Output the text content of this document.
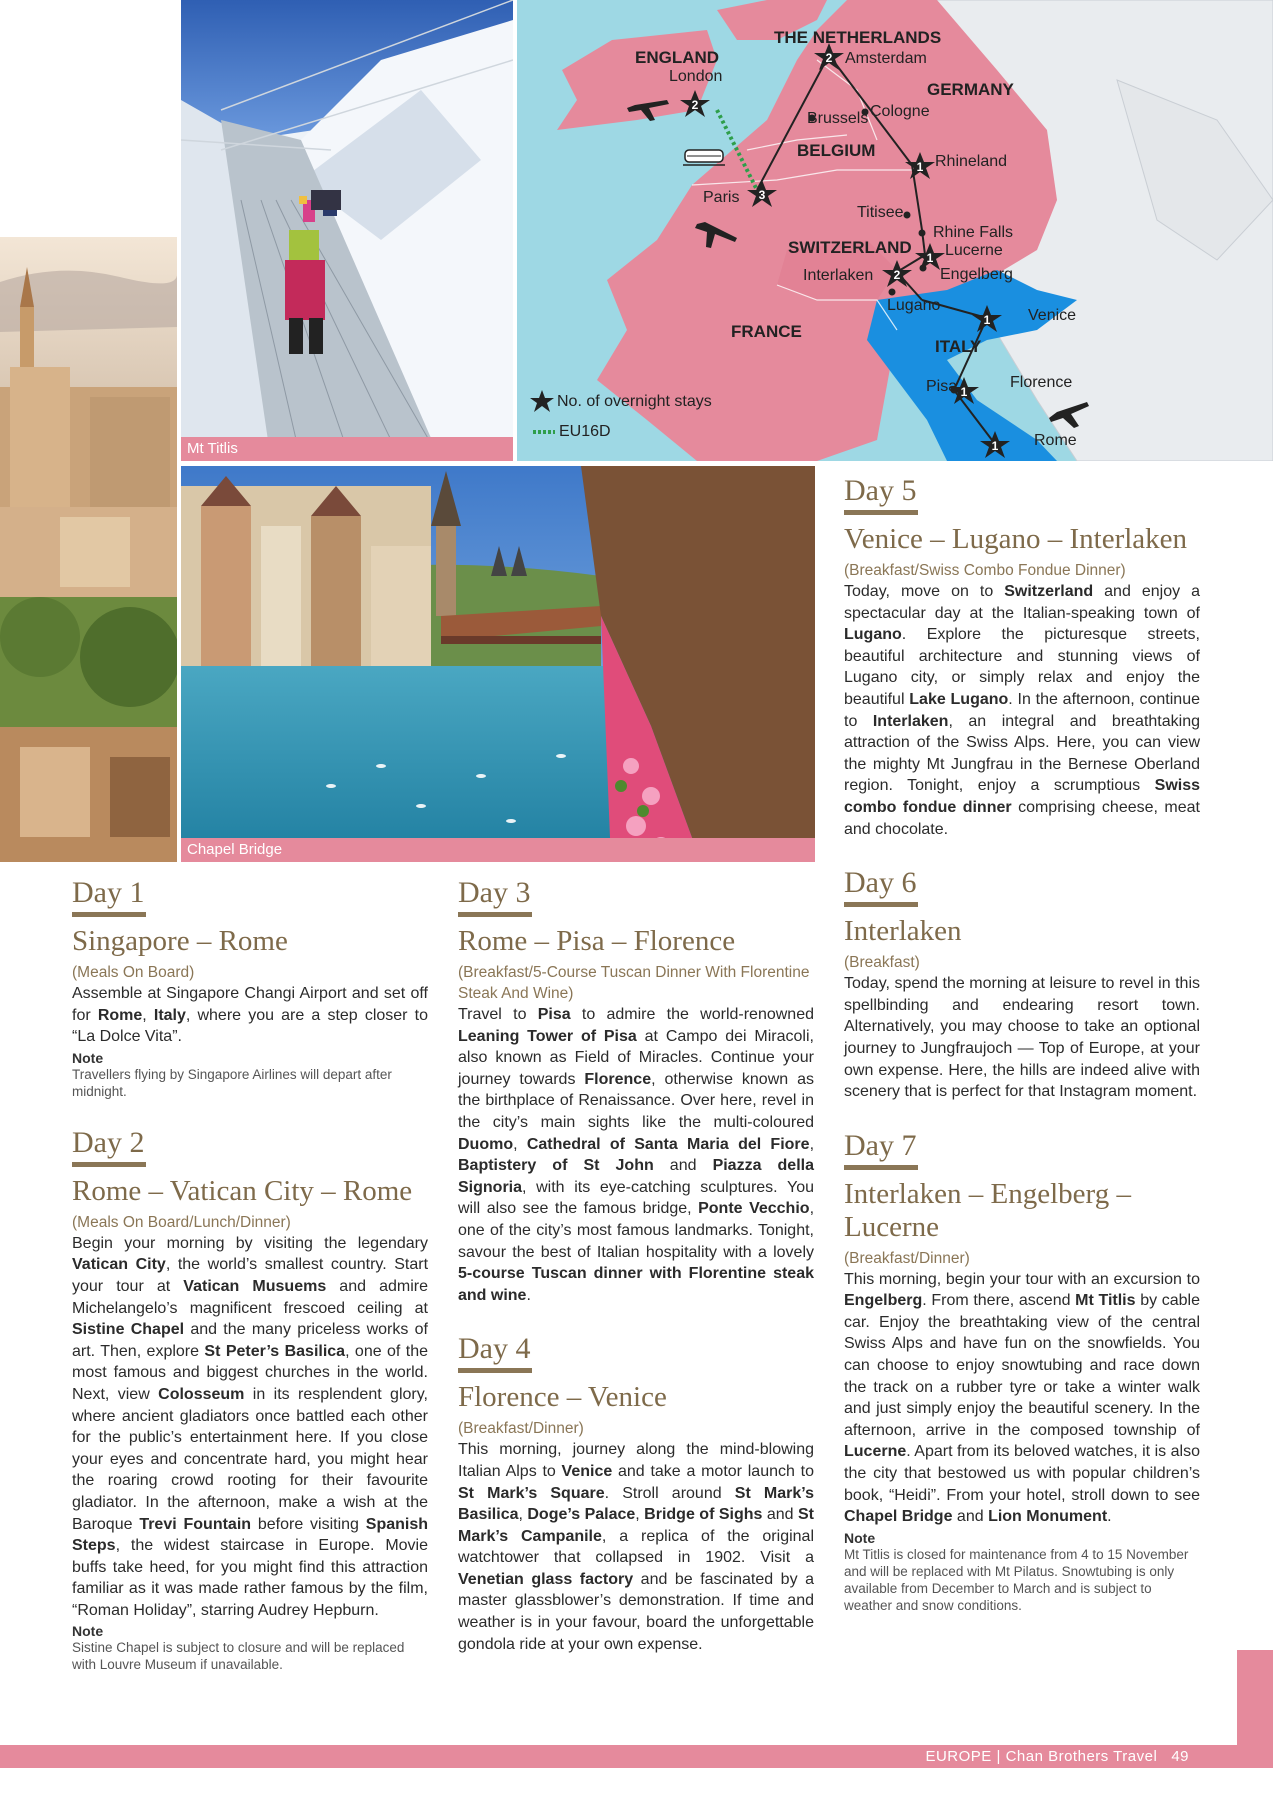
Mt Titlis
2
2
3
1
1
2
1
1
1
ENGLAND
THE NETHERLANDS
GERMANY
BELGIUM
SWITZERLAND
FRANCE
ITALY
London
Amsterdam
Brussels Cologne
Rhineland
Paris
Titisee
Rhine Falls
Lucerne
Interlaken	Engelberg
Lugano
Venice
Pisa	Florence
Rome
No. of overnight stays
EU16D
Chapel Bridge
Day 1
Singapore – Rome
(Meals On Board)

Assemble at Singapore Changi Airport and set off for Rome, Italy, where you are a step closer to “La Dolce Vita”.

Note
Travellers flying by Singapore Airlines will depart after midnight.
Day 2
Rome – Vatican City – Rome
(Meals On Board/Lunch/Dinner)

Begin your morning by visiting the legendary Vatican City, the world’s smallest country. Start your tour at Vatican Musuems and admire Michelangelo’s magnificent frescoed ceiling at Sistine Chapel and the many priceless works of art. Then, explore St Peter’s Basilica, one of the most famous and biggest churches in the world. Next, view Colosseum in its resplendent glory, where ancient gladiators once battled each other for the public’s entertainment here. If you close your eyes and concentrate hard, you might hear the roaring crowd rooting for their favourite gladiator. In the afternoon, make a wish at the Baroque Trevi Fountain before visiting Spanish Steps, the widest staircase in Europe. Movie buffs take heed, for you might find this attraction familiar as it was made rather famous by the film, “Roman Holiday”, starring Audrey Hepburn.

Note
Sistine Chapel is subject to closure and will be replaced with Louvre Museum if unavailable.
Day 3
Rome – Pisa – Florence
(Breakfast/5-Course Tuscan Dinner With Florentine Steak And Wine)

Travel to Pisa to admire the world-renowned Leaning Tower of Pisa at Campo dei Miracoli, also known as Field of Miracles. Continue your journey towards Florence, otherwise known as the birthplace of Renaissance. Over here, revel in the city’s main sights like the multi-coloured Duomo, Cathedral of Santa Maria del Fiore, Baptistery of St John and Piazza della Signoria, with its eye-catching sculptures. You will also see the famous bridge, Ponte Vecchio, one of the city’s most famous landmarks. Tonight, savour the best of Italian hospitality with a lovely 5-course Tuscan dinner with Florentine steak and wine.

Day 4
Florence – Venice
(Breakfast/Dinner)

This morning, journey along the mind-blowing Italian Alps to Venice and take a motor launch to St Mark’s Square. Stroll around St Mark’s Basilica, Doge’s Palace, Bridge of Sighs and St Mark’s Campanile, a replica of the original watchtower that collapsed in 1902. Visit a Venetian glass factory and be fascinated by a master glassblower’s demonstration. If time and weather is in your favour, board the unforgettable gondola ride at your own expense.

Day 5
Venice – Lugano – Interlaken
(Breakfast/Swiss Combo Fondue Dinner)

Today, move on to Switzerland and enjoy a spectacular day at the Italian-speaking town of Lugano. Explore the picturesque streets, beautiful architecture and stunning views of Lugano city, or simply relax and enjoy the beautiful Lake Lugano. In the afternoon, continue to Interlaken, an integral and breathtaking attraction of the Swiss Alps. Here, you can view the mighty Mt Jungfrau in the Bernese Oberland region. Tonight, enjoy a scrumptious Swiss combo fondue dinner comprising cheese, meat and chocolate.

Day 6
Interlaken
(Breakfast)

Today, spend the morning at leisure to revel in this spellbinding and endearing resort town. Alternatively, you may choose to take an optional journey to Jungfraujoch — Top of Europe, at your own expense. Here, the hills are indeed alive with scenery that is perfect for that Instagram moment.

Day 7
Interlaken – Engelberg – Lucerne
(Breakfast/Dinner)

This morning, begin your tour with an excursion to Engelberg. From there, ascend Mt Titlis by cable car. Enjoy the breathtaking view of the central Swiss Alps and have fun on the snowfields. You can choose to enjoy snowtubing and race down the track on a rubber tyre or take a winter walk and just simply enjoy the beautiful scenery. In the afternoon, arrive in the composed township of Lucerne. Apart from its beloved watches, it is also the city that bestowed us with popular children’s book, “Heidi”. From your hotel, stroll down to see Chapel Bridge and Lion Monument.

Note
Mt Titlis is closed for maintenance from 4 to 15 November and will be replaced with Mt Pilatus. Snowtubing is only available from December to March and is subject to weather and snow conditions.
EUROPE | Chan Brothers Travel 49
